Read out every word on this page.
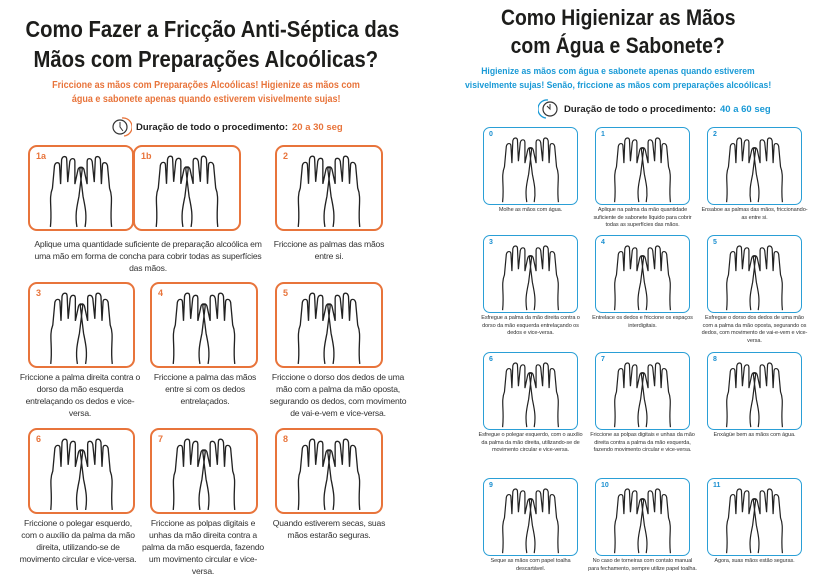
Como Fazer a Fricção Anti-Séptica das
Mãos com Preparações Alcoólicas?
Friccione as mãos com Preparações Alcoólicas! Higienize as mãos com
água e sabonete apenas quando estiverem visivelmente sujas!
Duração de todo o procedimento: 20 a 30 seg
1a	1b
Aplique uma quantidade suficiente de preparação alcoólica em uma mão em forma de concha para cobrir todas as superfícies das mãos.
2
Friccione as palmas das mãos entre si.
3
Friccione a palma direita contra o dorso da mão esquerda entrelaçando os dedos e vice-versa.
4
Friccione a palma das mãos entre si com os dedos entrelaçados.
5
Friccione o dorso dos dedos de uma mão com a palma da mão oposta, segurando os dedos, com movimento de vai-e-vem e vice-versa.
6
Friccione o polegar esquerdo, com o auxílio da palma da mão direita, utilizando-se de movimento circular e vice-versa.
7
Friccione as polpas digitais e unhas da mão direita contra a palma da mão esquerda, fazendo um movimento circular e vice-versa.
8
Quando estiverem secas, suas mãos estarão seguras.
Como Higienizar as Mãos
com Água e Sabonete?
Higienize as mãos com água e sabonete apenas quando estiverem
visivelmente sujas! Senão, friccione as mãos com preparações alcoólicas!
Duração de todo o procedimento: 40 a 60 seg
0
Molhe as mãos com água.
1
Aplique na palma da mão quantidade suficiente de sabonete líquido para cobrir todas as superfícies das mãos.
2
Ensaboe as palmas das mãos, friccionando-as entre si.
3
Esfregue a palma da mão direita contra o dorso da mão esquerda entrelaçando os dedos e vice-versa.
4
Entrelace os dedos e friccione os espaços interdigitais.
5
Esfregue o dorso dos dedos de uma mão com a palma da mão oposta, segurando os dedos, com movimento de vai-e-vem e vice-versa.
6
Esfregue o polegar esquerdo, com o auxílio da palma da mão direita, utilizando-se de movimento circular e vice-versa.
7
Friccione as polpas digitais e unhas da mão direita contra a palma da mão esquerda, fazendo movimento circular e vice-versa.
8
Enxágüe bem as mãos com água.
9
Seque as mãos com papel toalha descartável.
10
No caso de torneiras com contato manual para fechamento, sempre utilize papel toalha.
11
Agora, suas mãos estão seguras.
